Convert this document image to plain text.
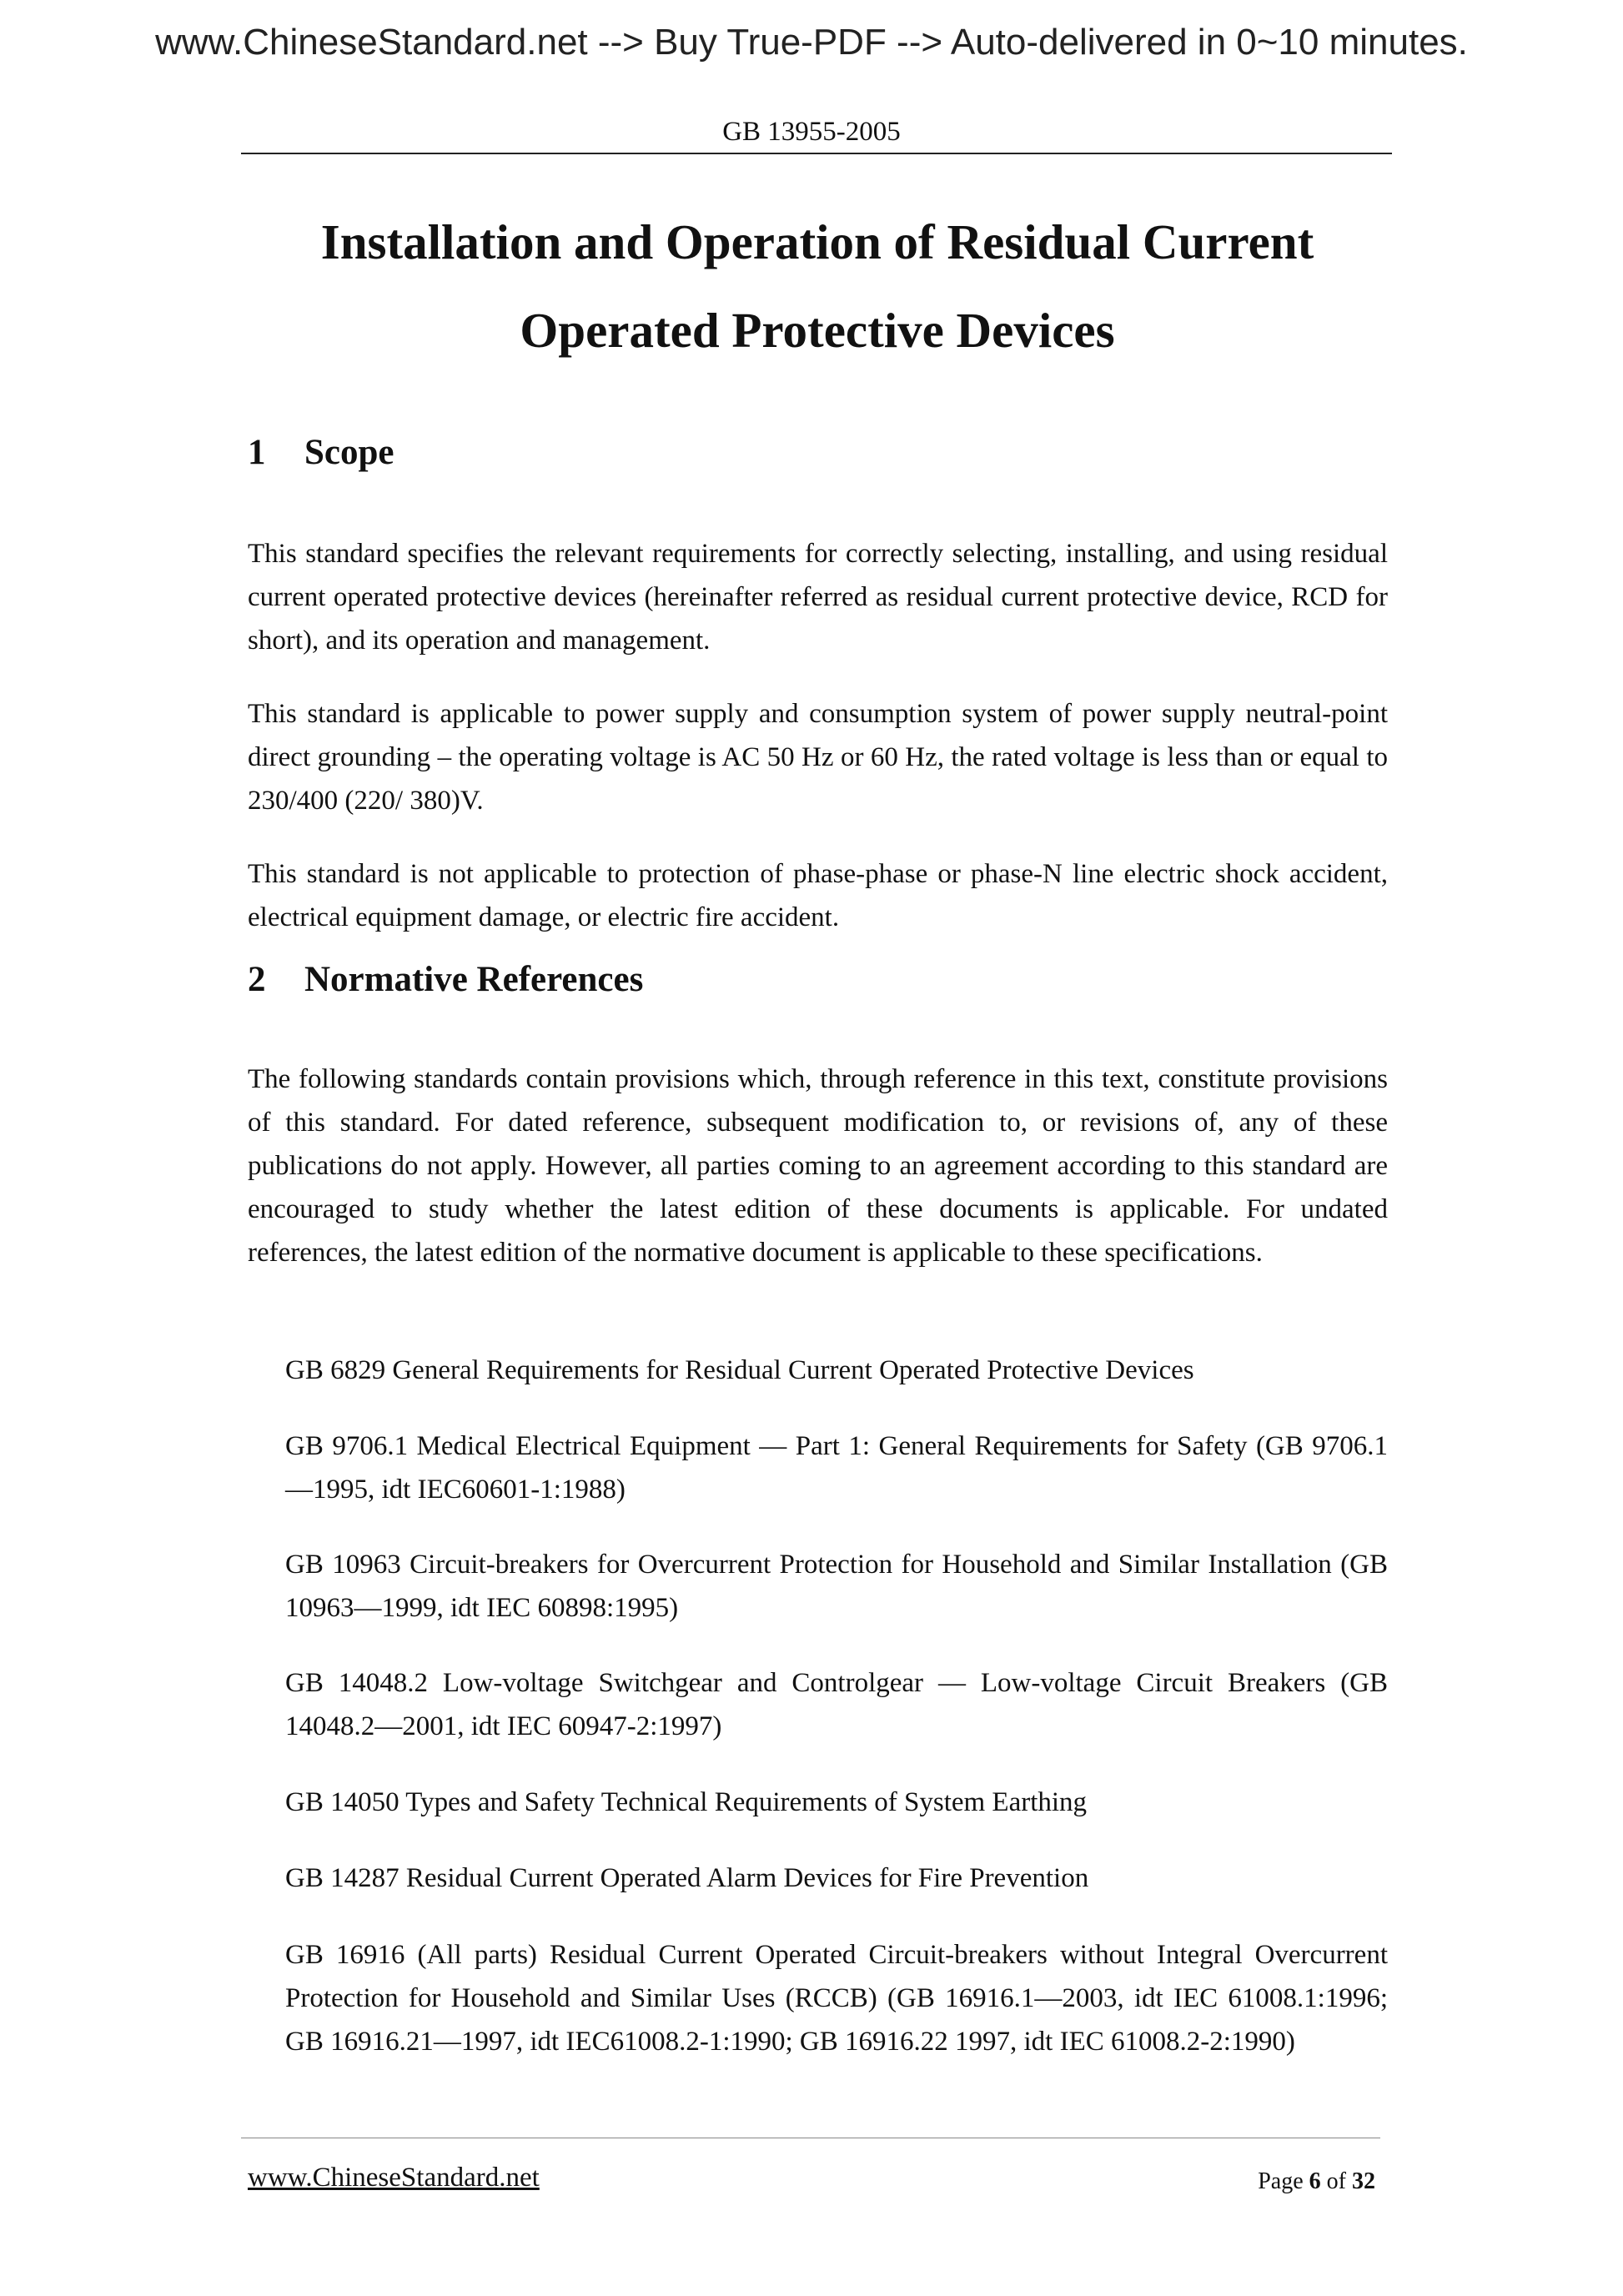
www.ChineseStandard.net --> Buy True-PDF --> Auto-delivered in 0~10 minutes.
GB 13955-2005
Installation and Operation of Residual Current
Operated Protective Devices
1 Scope

This standard specifies the relevant requirements for correctly selecting, installing, and using residual current operated protective devices (hereinafter referred as residual current protective device, RCD for short), and its operation and management.

This standard is applicable to power supply and consumption system of power supply neutral-point direct grounding – the operating voltage is AC 50 Hz or 60 Hz, the rated voltage is less than or equal to 230/400 (220/ 380)V.

This standard is not applicable to protection of phase-phase or phase-N line electric shock accident, electrical equipment damage, or electric fire accident.

2 Normative References

The following standards contain provisions which, through reference in this text, constitute provisions of this standard. For dated reference, subsequent modification to, or revisions of, any of these publications do not apply. However, all parties coming to an agreement according to this standard are encouraged to study whether the latest edition of these documents is applicable. For undated references, the latest edition of the normative document is applicable to these specifications.

GB 6829 General Requirements for Residual Current Operated Protective Devices

GB 9706.1 Medical Electrical Equipment — Part 1: General Requirements for Safety (GB 9706.1—1995, idt IEC60601-1:1988)

GB 10963 Circuit-breakers for Overcurrent Protection for Household and Similar Installation (GB 10963—1999, idt IEC 60898:1995)

GB 14048.2 Low-voltage Switchgear and Controlgear — Low-voltage Circuit Breakers (GB 14048.2—2001, idt IEC 60947-2:1997)

GB 14050 Types and Safety Technical Requirements of System Earthing

GB 14287 Residual Current Operated Alarm Devices for Fire Prevention

GB 16916 (All parts) Residual Current Operated Circuit-breakers without Integral Overcurrent Protection for Household and Similar Uses (RCCB) (GB 16916.1—2003, idt IEC 61008.1:1996; GB 16916.21—1997, idt IEC61008.2-1:1990; GB 16916.22 1997, idt IEC 61008.2-2:1990)

www.ChineseStandard.net	Page 6 of 32
